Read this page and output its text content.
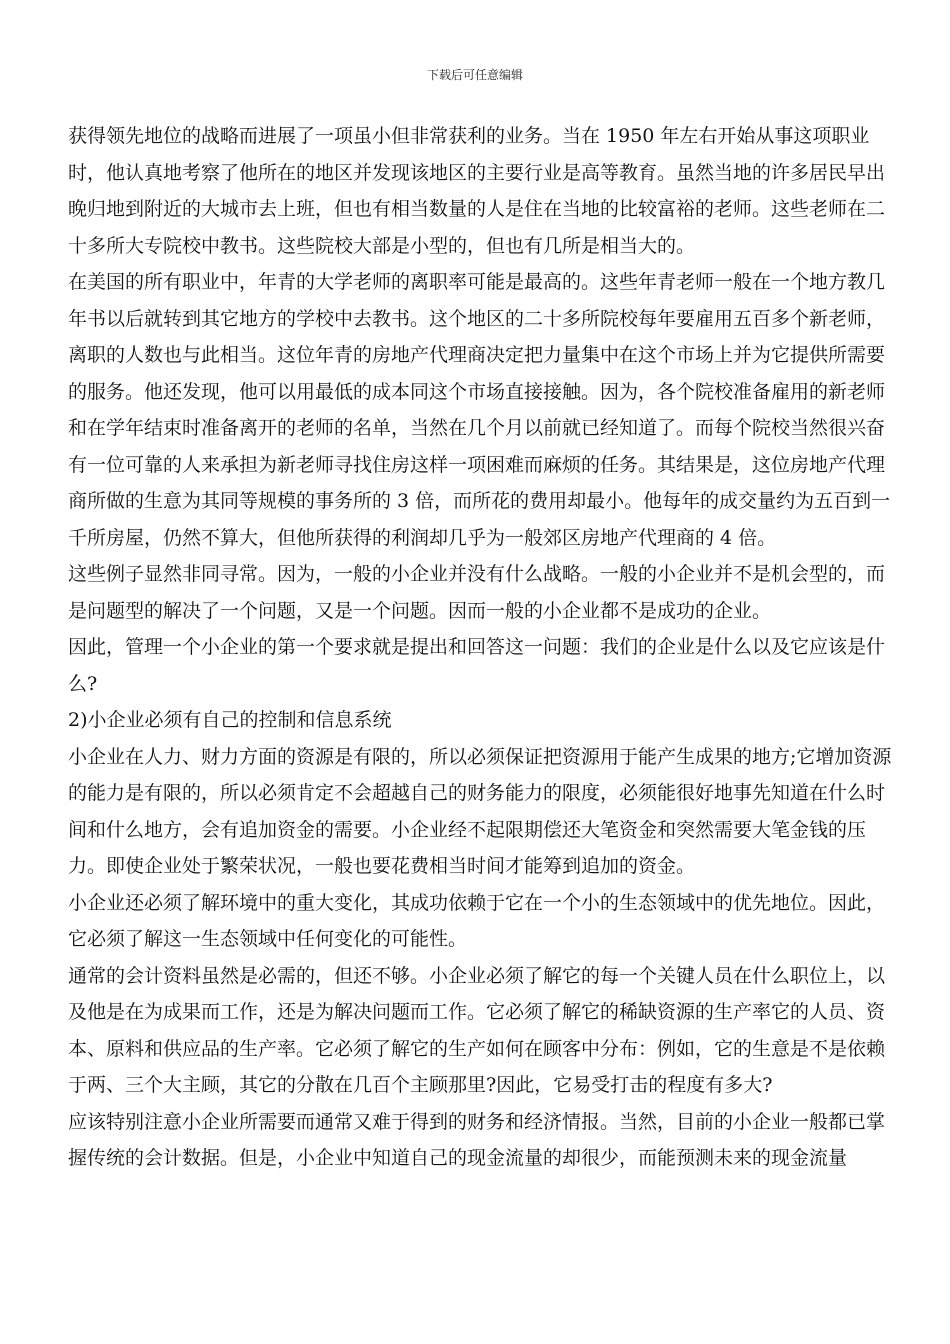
下载后可任意编辑

获得领先地位的战略而进展了一项虽小但非常获利的业务。当在 1950 年左右开始从事这项职业时，他认真地考察了他所在的地区并发现该地区的主要行业是高等教育。虽然当地的许多居民早出晚归地到附近的大城市去上班，但也有相当数量的人是住在当地的比较富裕的老师。这些老师在二十多所大专院校中教书。这些院校大部是小型的，但也有几所是相当大的。

在美国的所有职业中，年青的大学老师的离职率可能是最高的。这些年青老师一般在一个地方教几年书以后就转到其它地方的学校中去教书。这个地区的二十多所院校每年要雇用五百多个新老师，离职的人数也与此相当。这位年青的房地产代理商决定把力量集中在这个市场上并为它提供所需要的服务。他还发现，他可以用最低的成本同这个市场直接接触。因为，各个院校准备雇用的新老师和在学年结束时准备离开的老师的名单，当然在几个月以前就已经知道了。而每个院校当然很兴奋有一位可靠的人来承担为新老师寻找住房这样一项困难而麻烦的任务。其结果是，这位房地产代理商所做的生意为其同等规模的事务所的 3 倍，而所花的费用却最小。他每年的成交量约为五百到一千所房屋，仍然不算大，但他所获得的利润却几乎为一般郊区房地产代理商的 4 倍。

这些例子显然非同寻常。因为，一般的小企业并没有什么战略。一般的小企业并不是机会型的，而是问题型的解决了一个问题，又是一个问题。因而一般的小企业都不是成功的企业。

因此，管理一个小企业的第一个要求就是提出和回答这一问题：我们的企业是什么以及它应该是什么?

2)小企业必须有自己的控制和信息系统

小企业在人力、财力方面的资源是有限的，所以必须保证把资源用于能产生成果的地方;它增加资源的能力是有限的，所以必须肯定不会超越自己的财务能力的限度，必须能很好地事先知道在什么时间和什么地方，会有追加资金的需要。小企业经不起限期偿还大笔资金和突然需要大笔金钱的压力。即使企业处于繁荣状况，一般也要花费相当时间才能筹到追加的资金。

小企业还必须了解环境中的重大变化，其成功依赖于它在一个小的生态领域中的优先地位。因此，它必须了解这一生态领域中任何变化的可能性。

通常的会计资料虽然是必需的，但还不够。小企业必须了解它的每一个关键人员在什么职位上，以及他是在为成果而工作，还是为解决问题而工作。它必须了解它的稀缺资源的生产率它的人员、资本、原料和供应品的生产率。它必须了解它的生产如何在顾客中分布：例如，它的生意是不是依赖于两、三个大主顾，其它的分散在几百个主顾那里?因此，它易受打击的程度有多大?

应该特别注意小企业所需要而通常又难于得到的财务和经济情报。当然，目前的小企业一般都已掌握传统的会计数据。但是，小企业中知道自己的现金流量的却很少，而能预测未来的现金流量
